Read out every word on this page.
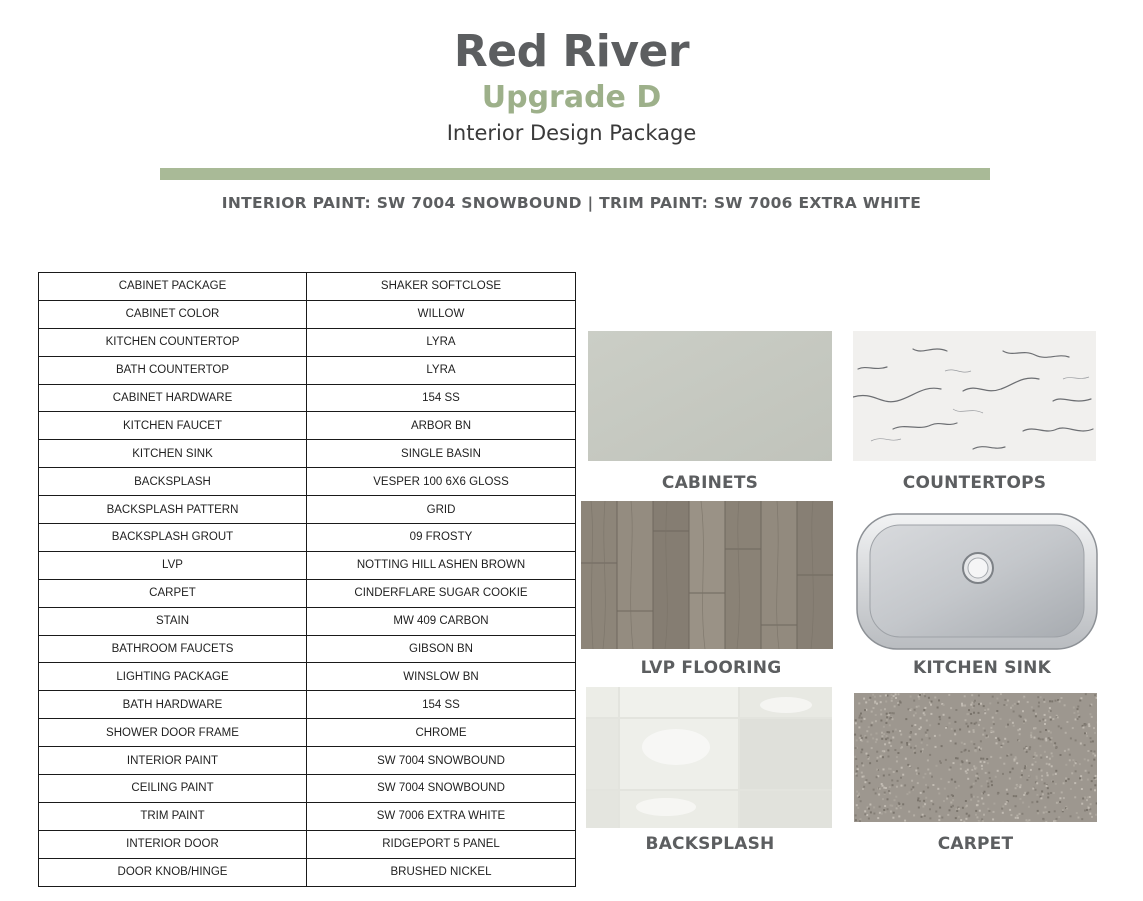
Red River
Upgrade D
Interior Design Package
INTERIOR PAINT: SW 7004 SNOWBOUND | TRIM PAINT: SW 7006 EXTRA WHITE
CABINET PACKAGE	SHAKER SOFTCLOSE
CABINET COLOR	WILLOW
KITCHEN COUNTERTOP	LYRA
BATH COUNTERTOP	LYRA
CABINET HARDWARE	154 SS
KITCHEN FAUCET	ARBOR BN
KITCHEN SINK	SINGLE BASIN
BACKSPLASH	VESPER 100 6X6 GLOSS
BACKSPLASH PATTERN	GRID
BACKSPLASH GROUT	09 FROSTY
LVP	NOTTING HILL ASHEN BROWN
CARPET	CINDERFLARE SUGAR COOKIE
STAIN	MW 409 CARBON
BATHROOM FAUCETS	GIBSON BN
LIGHTING PACKAGE	WINSLOW BN
BATH HARDWARE	154 SS
SHOWER DOOR FRAME	CHROME
INTERIOR PAINT	SW 7004 SNOWBOUND
CEILING PAINT	SW 7004 SNOWBOUND
TRIM PAINT	SW 7006 EXTRA WHITE
INTERIOR DOOR	RIDGEPORT 5 PANEL
DOOR KNOB/HINGE	BRUSHED NICKEL
CABINETS	COUNTERTOPS
LVP FLOORING	KITCHEN SINK
BACKSPLASH	CARPET
